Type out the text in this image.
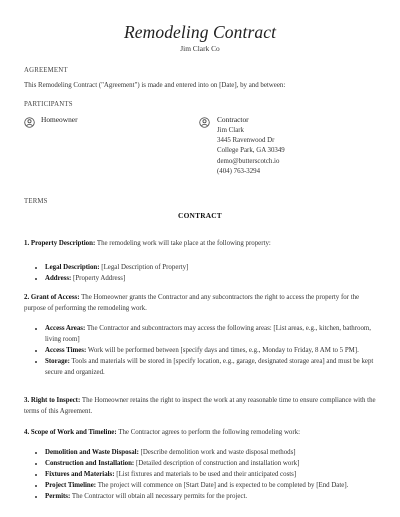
Remodeling Contract
Jim Clark Co
AGREEMENT
This Remodeling Contract ("Agreement") is made and entered into on [Date], by and between:
PARTICIPANTS
Homeowner	Contractor
Jim Clark
3445 Ravenwood Dr
College Park, GA 30349
demo@butterscotch.io
(404) 763-3294
TERMS
CONTRACT
1. Property Description: The remodeling work will take place at the following property:
• Legal Description: [Legal Description of Property]
• Address: [Property Address]
2. Grant of Access: The Homeowner grants the Contractor and any subcontractors the right to access the property for the purpose of performing the remodeling work.
• Access Areas: The Contractor and subcontractors may access the following areas: [List areas, e.g., kitchen, bathroom, living room]
• Access Times: Work will be performed between [specify days and times, e.g., Monday to Friday, 8 AM to 5 PM].
• Storage: Tools and materials will be stored in [specify location, e.g., garage, designated storage area] and must be kept secure and organized.
3. Right to Inspect: The Homeowner retains the right to inspect the work at any reasonable time to ensure compliance with the terms of this Agreement.
4. Scope of Work and Timeline: The Contractor agrees to perform the following remodeling work:
• Demolition and Waste Disposal: [Describe demolition work and waste disposal methods]
• Construction and Installation: [Detailed description of construction and installation work]
• Fixtures and Materials: [List fixtures and materials to be used and their anticipated costs]
• Project Timeline: The project will commence on [Start Date] and is expected to be completed by [End Date].
• Permits: The Contractor will obtain all necessary permits for the project.
